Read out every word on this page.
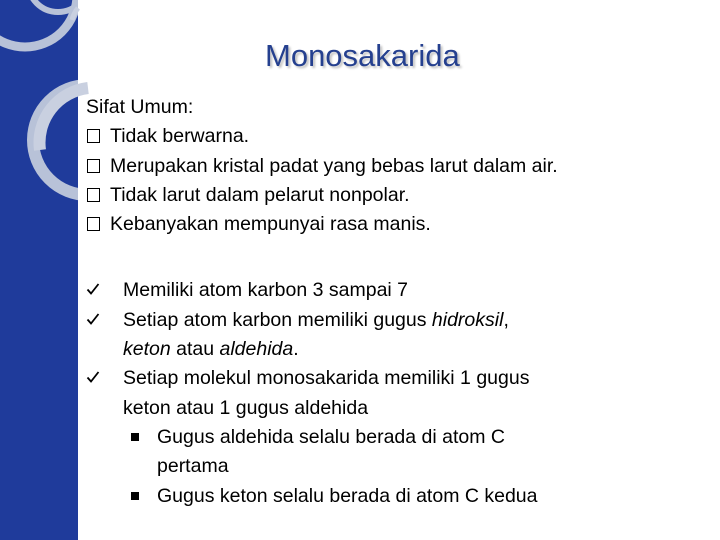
Monosakarida
Sifat Umum:
Tidak berwarna.
Merupakan kristal padat yang bebas larut dalam air.
Tidak larut dalam pelarut nonpolar.
Kebanyakan mempunyai rasa manis.
Memiliki atom karbon 3 sampai 7
Setiap atom karbon memiliki gugus hidroksil,
keton atau aldehida.
Setiap molekul monosakarida memiliki 1 gugus
keton atau 1 gugus aldehida
Gugus aldehida selalu berada di atom C
pertama
Gugus keton selalu berada di atom C kedua
